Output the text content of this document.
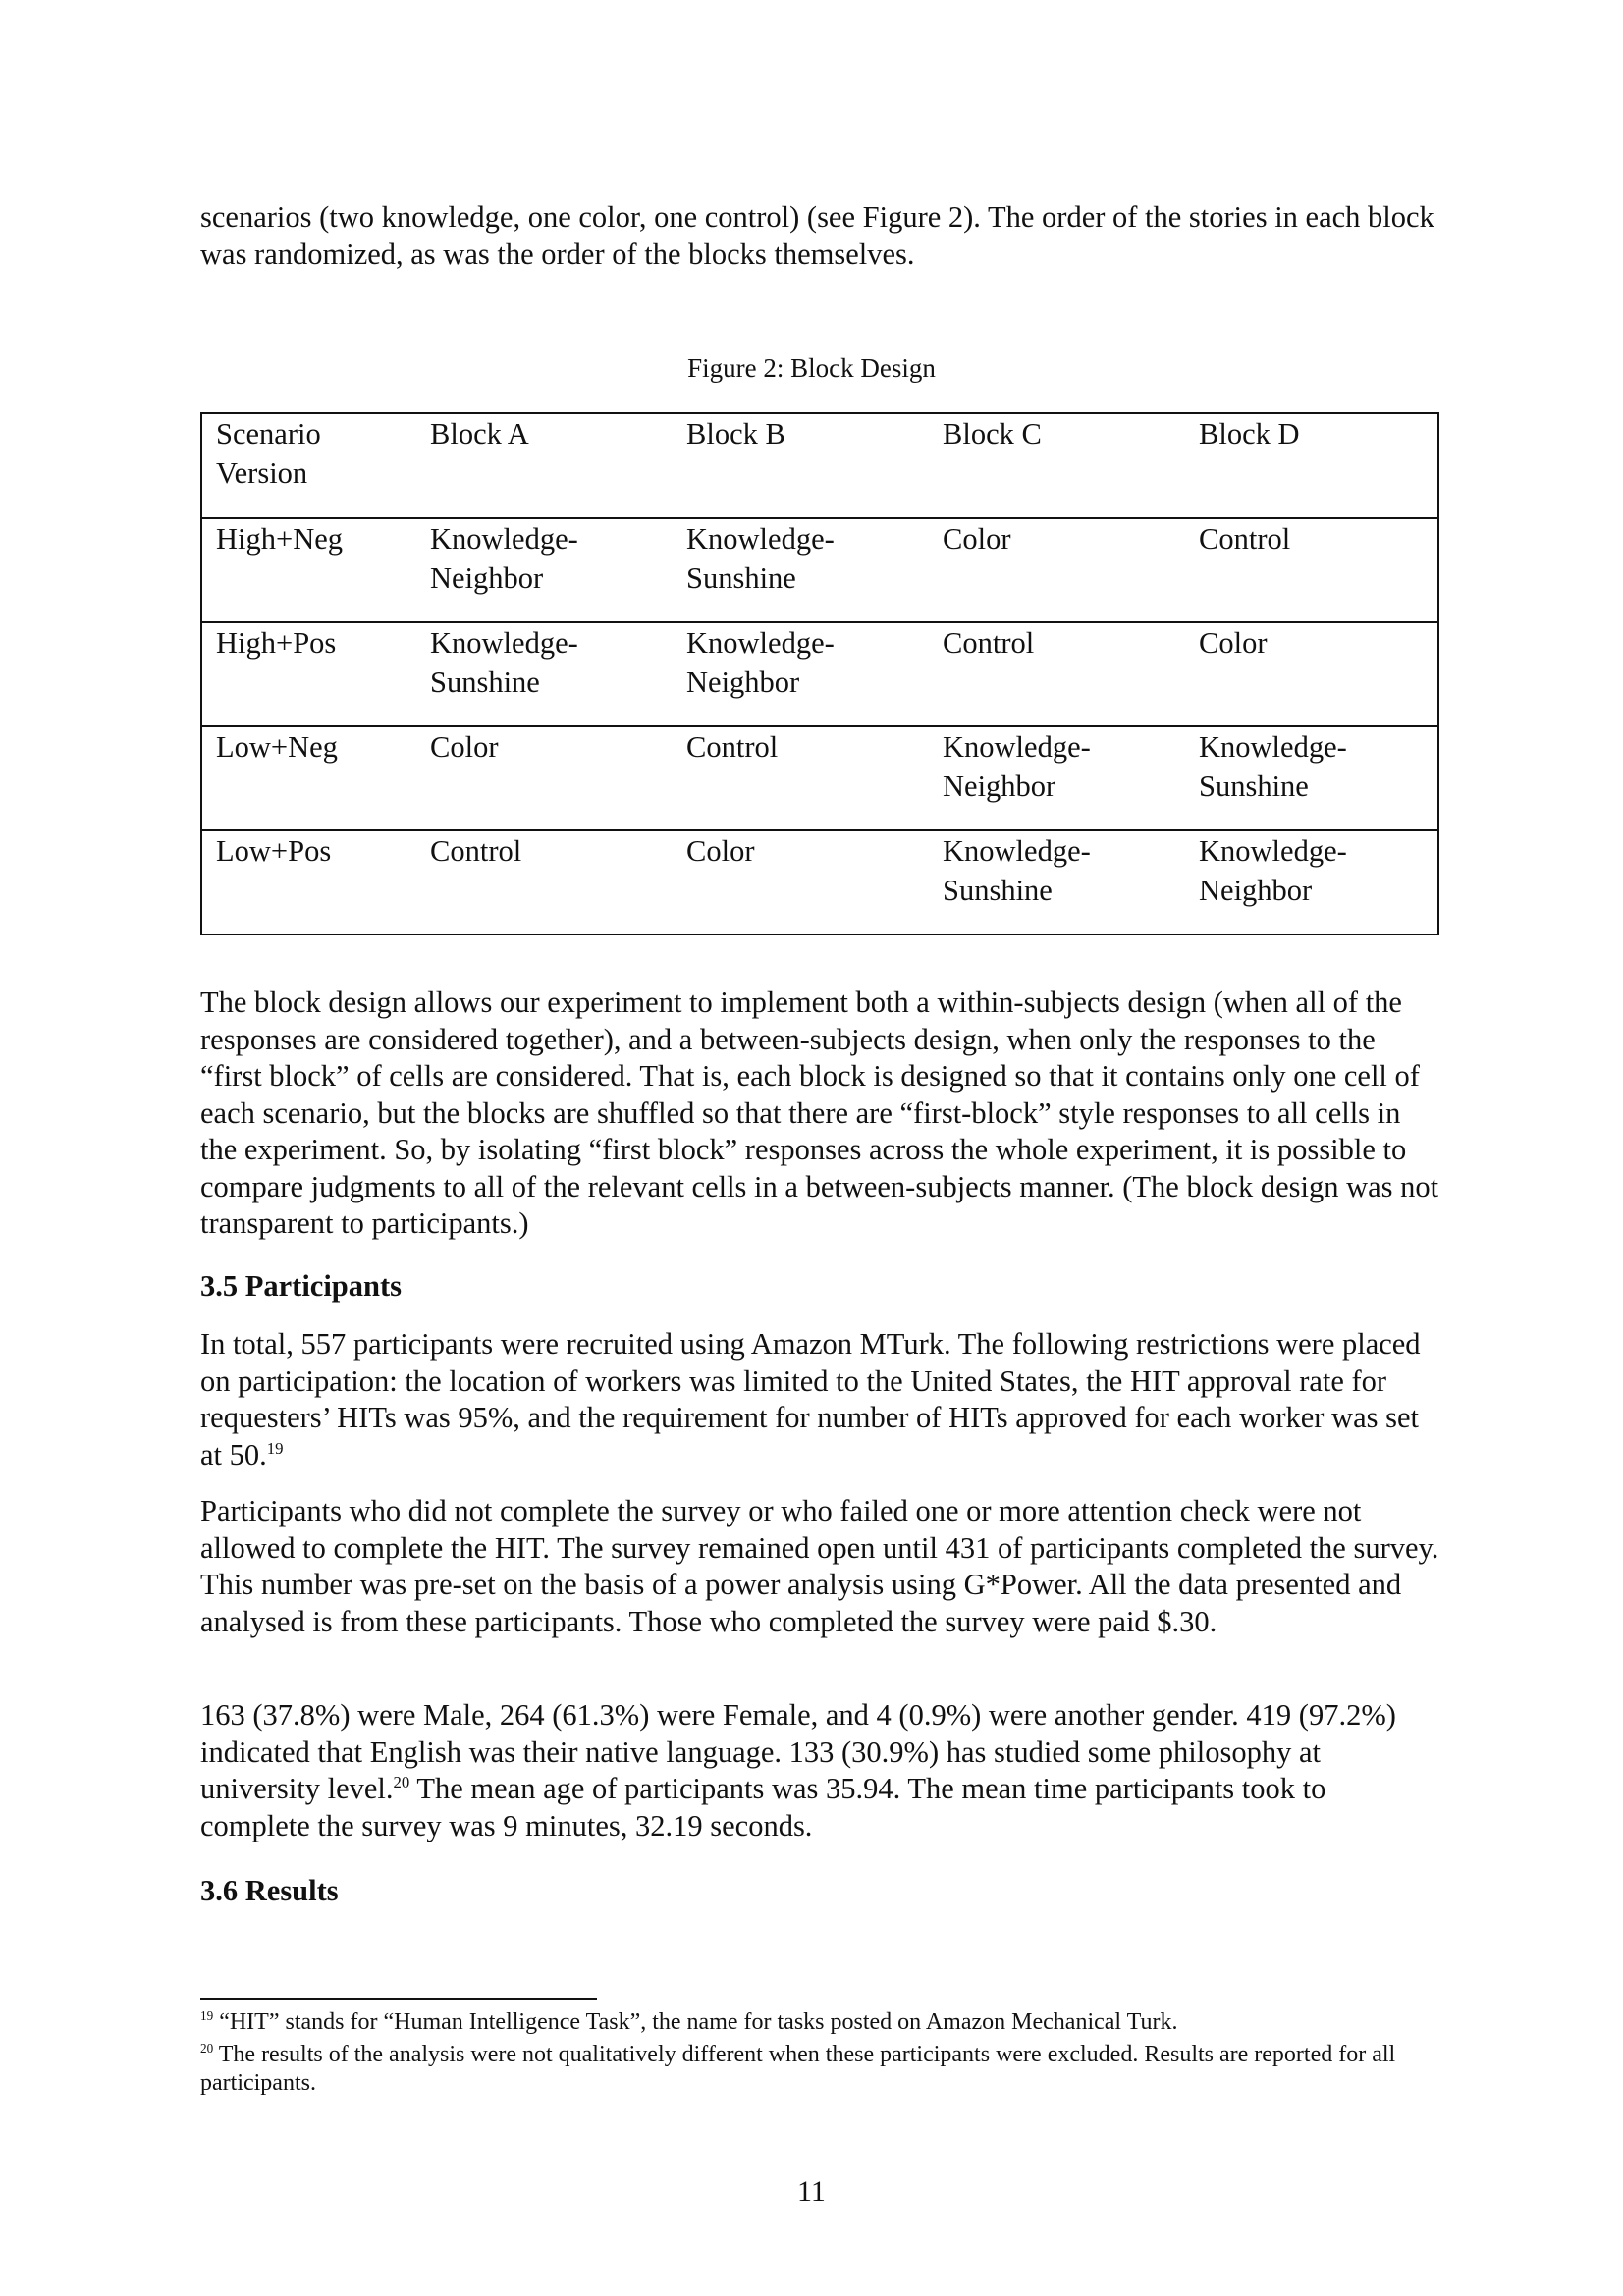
scenarios (two knowledge, one color, one control) (see Figure 2). The order of the stories in each block was randomized, as was the order of the blocks themselves.

Figure 2: Block Design
Scenario Version	Block A	Block B	Block C	Block D
High+Neg	Knowledge-Neighbor	Knowledge-Sunshine	Color	Control
High+Pos	Knowledge-Sunshine	Knowledge-Neighbor	Control	Color
Low+Neg	Color	Control	Knowledge-Neighbor	Knowledge-Sunshine
Low+Pos	Control	Color	Knowledge-Sunshine	Knowledge-Neighbor

The block design allows our experiment to implement both a within-subjects design (when all of the responses are considered together), and a between-subjects design, when only the responses to the “first block” of cells are considered. That is, each block is designed so that it contains only one cell of each scenario, but the blocks are shuffled so that there are “first-block” style responses to all cells in the experiment. So, by isolating “first block” responses across the whole experiment, it is possible to compare judgments to all of the relevant cells in a between-subjects manner. (The block design was not transparent to participants.)

3.5 Participants

In total, 557 participants were recruited using Amazon MTurk. The following restrictions were placed on participation: the location of workers was limited to the United States, the HIT approval rate for requesters’ HITs was 95%, and the requirement for number of HITs approved for each worker was set at 50.19

Participants who did not complete the survey or who failed one or more attention check were not allowed to complete the HIT. The survey remained open until 431 of participants completed the survey. This number was pre-set on the basis of a power analysis using G*Power. All the data presented and analysed is from these participants. Those who completed the survey were paid $.30.

163 (37.8%) were Male, 264 (61.3%) were Female, and 4 (0.9%) were another gender. 419 (97.2%) indicated that English was their native language. 133 (30.9%) has studied some philosophy at university level.$^{20}$ The mean age of participants was 35.94. The mean time participants took to complete the survey was 9 minutes, 32.19 seconds.

3.6 Results

$^{19}$ “HIT” stands for “Human Intelligence Task”, the name for tasks posted on Amazon Mechanical Turk.

$^{20}$ The results of the analysis were not qualitatively different when these participants were excluded. Results are reported for all participants.

11
